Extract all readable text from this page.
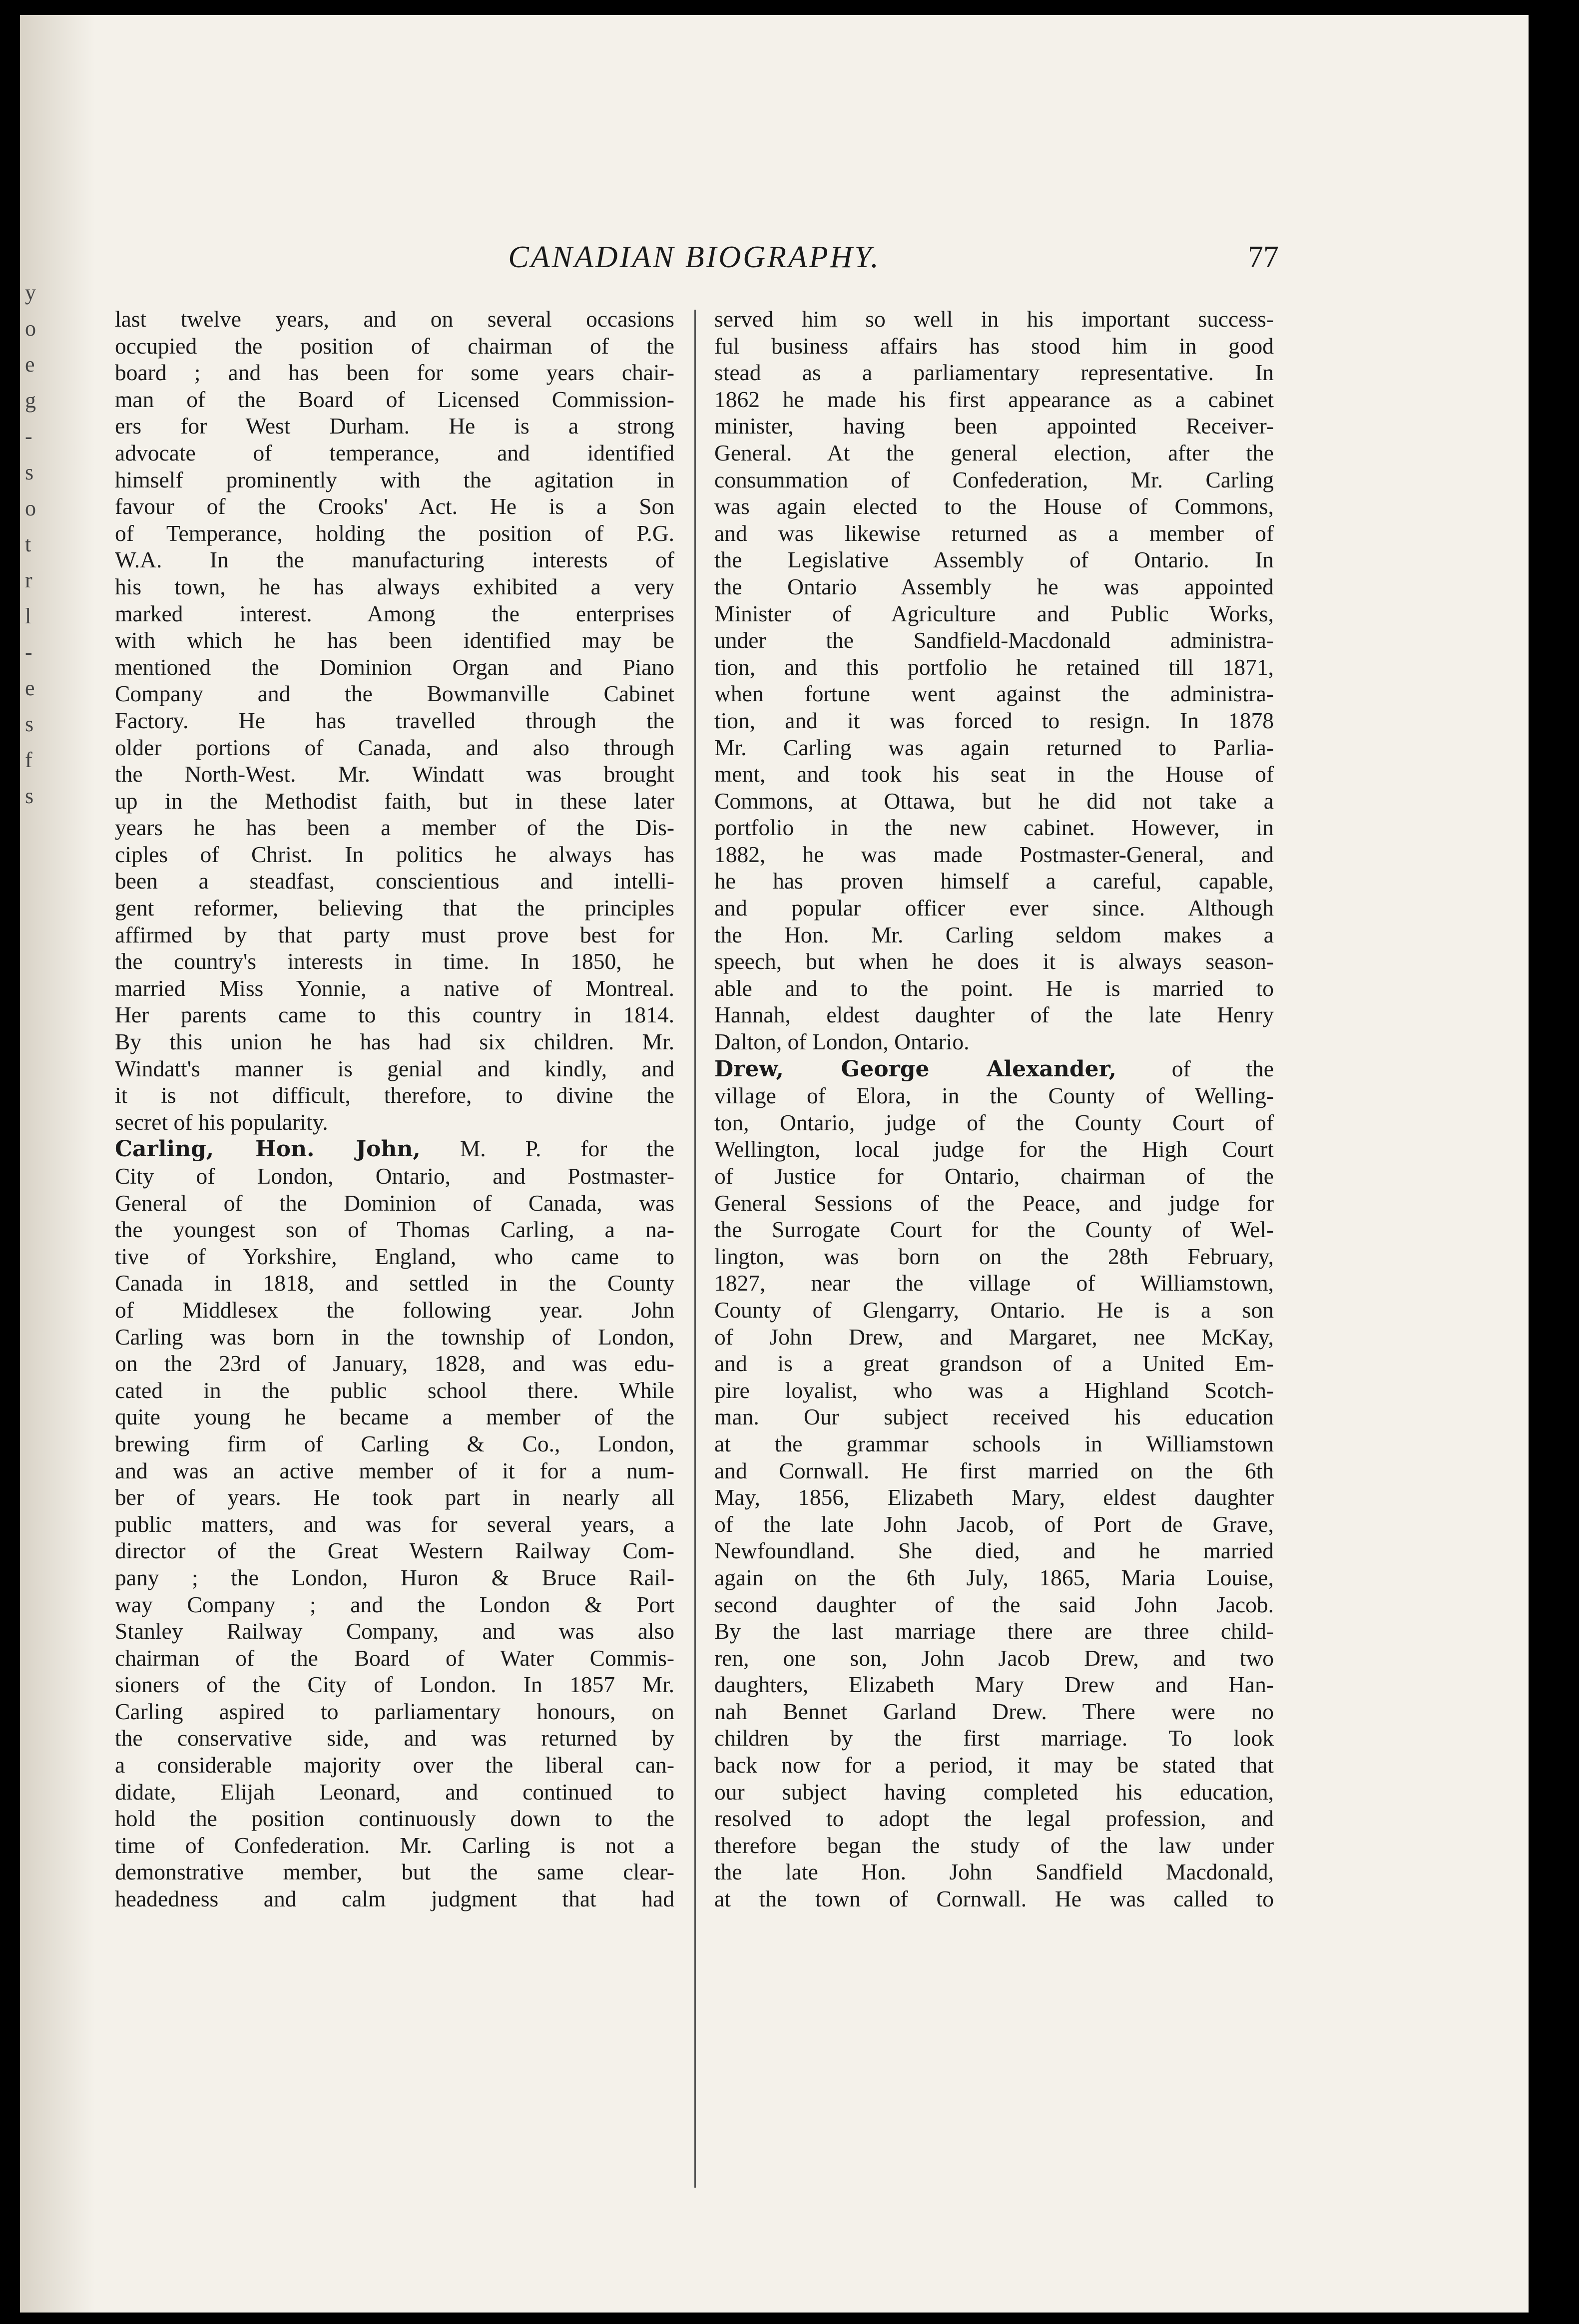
y
o
e
g
-
s
o
t
r
l
-
e
s
f
s
CANADIAN BIOGRAPHY.	77
last twelve years, and on several occasions
occupied the position of chairman of the
board ; and has been for some years chair-
man of the Board of Licensed Commission-
ers for West Durham. He is a strong
advocate of temperance, and identified
himself prominently with the agitation in
favour of the Crooks' Act. He is a Son
of Temperance, holding the position of P.G.
W.A. In the manufacturing interests of
his town, he has always exhibited a very
marked interest. Among the enterprises
with which he has been identified may be
mentioned the Dominion Organ and Piano
Company and the Bowmanville Cabinet
Factory. He has travelled through the
older portions of Canada, and also through
the North-West. Mr. Windatt was brought
up in the Methodist faith, but in these later
years he has been a member of the Dis-
ciples of Christ. In politics he always has
been a steadfast, conscientious and intelli-
gent reformer, believing that the principles
affirmed by that party must prove best for
the country's interests in time. In 1850, he
married Miss Yonnie, a native of Montreal.
Her parents came to this country in 1814.
By this union he has had six children. Mr.
Windatt's manner is genial and kindly, and
it is not difficult, therefore, to divine the
secret of his popularity.
Carling, Hon. John, M. P. for the
City of London, Ontario, and Postmaster-
General of the Dominion of Canada, was
the youngest son of Thomas Carling, a na-
tive of Yorkshire, England, who came to
Canada in 1818, and settled in the County
of Middlesex the following year. John
Carling was born in the township of London,
on the 23rd of January, 1828, and was edu-
cated in the public school there. While
quite young he became a member of the
brewing firm of Carling & Co., London,
and was an active member of it for a num-
ber of years. He took part in nearly all
public matters, and was for several years, a
director of the Great Western Railway Com-
pany ; the London, Huron & Bruce Rail-
way Company ; and the London & Port
Stanley Railway Company, and was also
chairman of the Board of Water Commis-
sioners of the City of London. In 1857 Mr.
Carling aspired to parliamentary honours, on
the conservative side, and was returned by
a considerable majority over the liberal can-
didate, Elijah Leonard, and continued to
hold the position continuously down to the
time of Confederation. Mr. Carling is not a
demonstrative member, but the same clear-
headedness and calm judgment that had
served him so well in his important success-
ful business affairs has stood him in good
stead as a parliamentary representative. In
1862 he made his first appearance as a cabinet
minister, having been appointed Receiver-
General. At the general election, after the
consummation of Confederation, Mr. Carling
was again elected to the House of Commons,
and was likewise returned as a member of
the Legislative Assembly of Ontario. In
the Ontario Assembly he was appointed
Minister of Agriculture and Public Works,
under the Sandfield-Macdonald administra-
tion, and this portfolio he retained till 1871,
when fortune went against the administra-
tion, and it was forced to resign. In 1878
Mr. Carling was again returned to Parlia-
ment, and took his seat in the House of
Commons, at Ottawa, but he did not take a
portfolio in the new cabinet. However, in
1882, he was made Postmaster-General, and
he has proven himself a careful, capable,
and popular officer ever since. Although
the Hon. Mr. Carling seldom makes a
speech, but when he does it is always season-
able and to the point. He is married to
Hannah, eldest daughter of the late Henry
Dalton, of London, Ontario.
Drew, George Alexander, of the
village of Elora, in the County of Welling-
ton, Ontario, judge of the County Court of
Wellington, local judge for the High Court
of Justice for Ontario, chairman of the
General Sessions of the Peace, and judge for
the Surrogate Court for the County of Wel-
lington, was born on the 28th February,
1827, near the village of Williamstown,
County of Glengarry, Ontario. He is a son
of John Drew, and Margaret, nee McKay,
and is a great grandson of a United Em-
pire loyalist, who was a Highland Scotch-
man. Our subject received his education
at the grammar schools in Williamstown
and Cornwall. He first married on the 6th
May, 1856, Elizabeth Mary, eldest daughter
of the late John Jacob, of Port de Grave,
Newfoundland. She died, and he married
again on the 6th July, 1865, Maria Louise,
second daughter of the said John Jacob.
By the last marriage there are three child-
ren, one son, John Jacob Drew, and two
daughters, Elizabeth Mary Drew and Han-
nah Bennet Garland Drew. There were no
children by the first marriage. To look
back now for a period, it may be stated that
our subject having completed his education,
resolved to adopt the legal profession, and
therefore began the study of the law under
the late Hon. John Sandfield Macdonald,
at the town of Cornwall. He was called to
